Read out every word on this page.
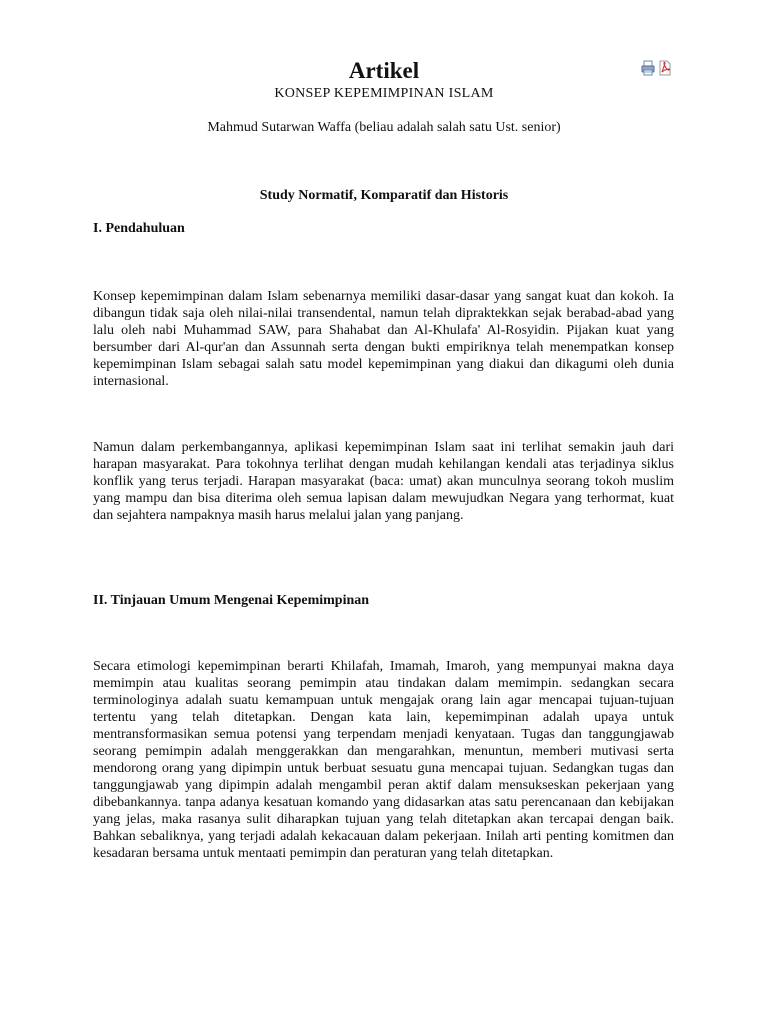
Artikel
KONSEP KEPEMIMPINAN ISLAM
Mahmud Sutarwan Waffa (beliau adalah salah satu Ust. senior)
Study Normatif, Komparatif dan Historis
I. Pendahuluan

Konsep kepemimpinan dalam Islam sebenarnya memiliki dasar-dasar yang sangat kuat dan kokoh. Ia dibangun tidak saja oleh nilai-nilai transendental, namun telah dipraktekkan sejak berabad-abad yang lalu oleh nabi Muhammad SAW, para Shahabat dan Al-Khulafa' Al-Rosyidin. Pijakan kuat yang bersumber dari Al-qur'an dan Assunnah serta dengan bukti empiriknya telah menempatkan konsep kepemimpinan Islam sebagai salah satu model kepemimpinan yang diakui dan dikagumi oleh dunia internasional.

Namun dalam perkembangannya, aplikasi kepemimpinan Islam saat ini terlihat semakin jauh dari harapan masyarakat. Para tokohnya terlihat dengan mudah kehilangan kendali atas terjadinya siklus konflik yang terus terjadi. Harapan masyarakat (baca: umat) akan munculnya seorang tokoh muslim yang mampu dan bisa diterima oleh semua lapisan dalam mewujudkan Negara yang terhormat, kuat dan sejahtera nampaknya masih harus melalui jalan yang panjang.

II. Tinjauan Umum Mengenai Kepemimpinan

Secara etimologi kepemimpinan berarti Khilafah, Imamah, Imaroh, yang mempunyai makna daya memimpin atau kualitas seorang pemimpin atau tindakan dalam memimpin. sedangkan secara terminologinya adalah suatu kemampuan untuk mengajak orang lain agar mencapai tujuan-tujuan tertentu yang telah ditetapkan. Dengan kata lain, kepemimpinan adalah upaya untuk mentransformasikan semua potensi yang terpendam menjadi kenyataan. Tugas dan tanggungjawab seorang pemimpin adalah menggerakkan dan mengarahkan, menuntun, memberi mutivasi serta mendorong orang yang dipimpin untuk berbuat sesuatu guna mencapai tujuan. Sedangkan tugas dan tanggungjawab yang dipimpin adalah mengambil peran aktif dalam mensukseskan pekerjaan yang dibebankannya. tanpa adanya kesatuan komando yang didasarkan atas satu perencanaan dan kebijakan yang jelas, maka rasanya sulit diharapkan tujuan yang telah ditetapkan akan tercapai dengan baik. Bahkan sebaliknya, yang terjadi adalah kekacauan dalam pekerjaan. Inilah arti penting komitmen dan kesadaran bersama untuk mentaati pemimpin dan peraturan yang telah ditetapkan.
